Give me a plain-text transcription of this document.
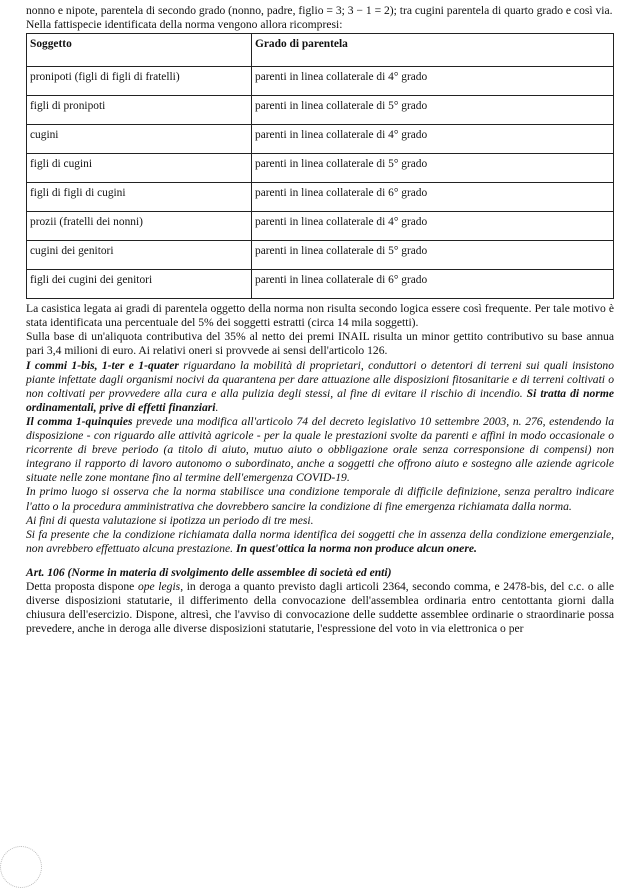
nonno e nipote, parentela di secondo grado (nonno, padre, figlio = 3; 3 − 1 = 2); tra cugini parentela di quarto grado e così via.

Nella fattispecie identificata della norma vengono allora ricompresi:

Soggetto	Grado di parentela
pronipoti (figli di figli di fratelli)	parenti in linea collaterale di 4° grado
figli di pronipoti	parenti in linea collaterale di 5° grado
cugini	parenti in linea collaterale di 4° grado
figli di cugini	parenti in linea collaterale di 5° grado
figli di figli di cugini	parenti in linea collaterale di 6° grado
prozii (fratelli dei nonni)	parenti in linea collaterale di 4° grado
cugini dei genitori	parenti in linea collaterale di 5° grado
figli dei cugini dei genitori	parenti in linea collaterale di 6° grado

La casistica legata ai gradi di parentela oggetto della norma non risulta secondo logica essere così frequente. Per tale motivo è stata identificata una percentuale del 5% dei soggetti estratti (circa 14 mila soggetti).

Sulla base di un'aliquota contributiva del 35% al netto dei premi INAIL risulta un minor gettito contributivo su base annua pari 3,4 milioni di euro. Ai relativi oneri si provvede ai sensi dell'articolo 126.

I commi 1-bis, 1-ter e 1-quater riguardano la mobilità di proprietari, conduttori o detentori di terreni sui quali insistono piante infettate dagli organismi nocivi da quarantena per dare attuazione alle disposizioni fitosanitarie e di terreni coltivati o non coltivati per provvedere alla cura e alla pulizia degli stessi, al fine di evitare il rischio di incendio. Si tratta di norme ordinamentali, prive di effetti finanziari.

Il comma 1-quinquies prevede una modifica all'articolo 74 del decreto legislativo 10 settembre 2003, n. 276, estendendo la disposizione - con riguardo alle attività agricole - per la quale le prestazioni svolte da parenti e affini in modo occasionale o ricorrente di breve periodo (a titolo di aiuto, mutuo aiuto o obbligazione orale senza corresponsione di compensi) non integrano il rapporto di lavoro autonomo o subordinato, anche a soggetti che offrono aiuto e sostegno alle aziende agricole situate nelle zone montane fino al termine dell'emergenza COVID-19.

In primo luogo si osserva che la norma stabilisce una condizione temporale di difficile definizione, senza peraltro indicare l'atto o la procedura amministrativa che dovrebbero sancire la condizione di fine emergenza richiamata dalla norma.

Ai fini di questa valutazione si ipotizza un periodo di tre mesi.

Si fa presente che la condizione richiamata dalla norma identifica dei soggetti che in assenza della condizione emergenziale, non avrebbero effettuato alcuna prestazione. In quest'ottica la norma non produce alcun onere.

Art. 106 (Norme in materia di svolgimento delle assemblee di società ed enti)

Detta proposta dispone ope legis, in deroga a quanto previsto dagli articoli 2364, secondo comma, e 2478-bis, del c.c. o alle diverse disposizioni statutarie, il differimento della convocazione dell'assemblea ordinaria entro centottanta giorni dalla chiusura dell'esercizio. Dispone, altresì, che l'avviso di convocazione delle suddette assemblee ordinarie o straordinarie possa prevedere, anche in deroga alle diverse disposizioni statutarie, l'espressione del voto in via elettronica o per
